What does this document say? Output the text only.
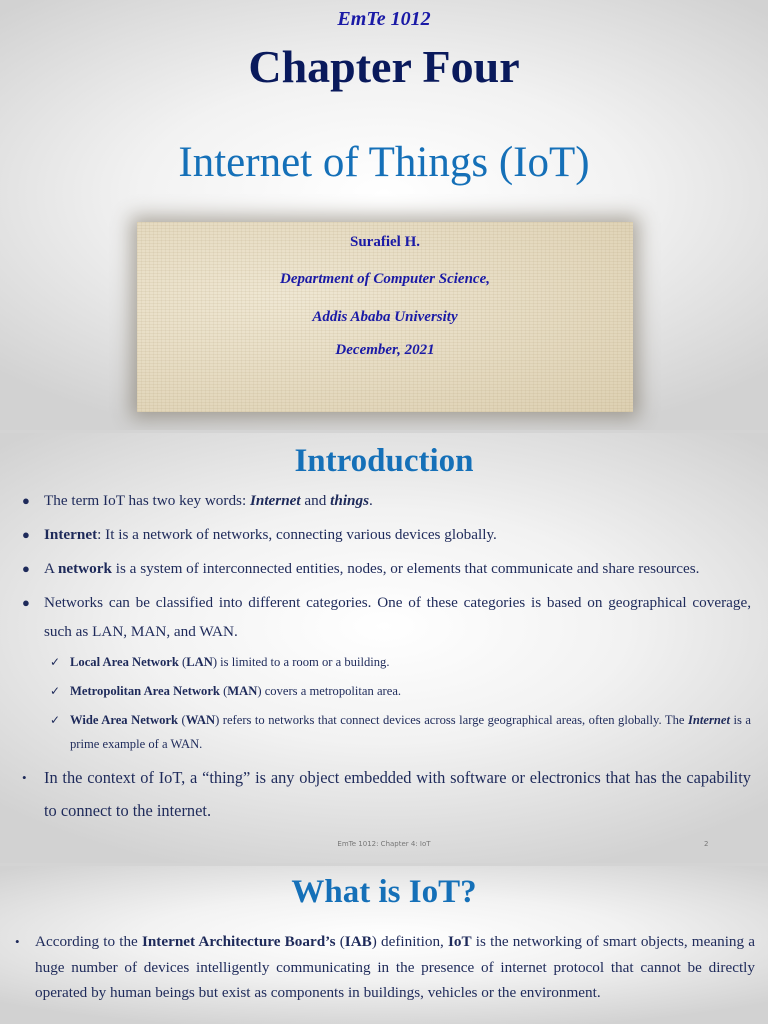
EmTe 1012
Chapter Four
Internet of Things (IoT)
Surafiel H.
Department of Computer Science,
Addis Ababa University
December, 2021
Introduction
● The term IoT has two key words: Internet and things.
● Internet: It is a network of networks, connecting various devices globally.
● A network is a system of interconnected entities, nodes, or elements that communicate and share resources.
● Networks can be classified into different categories. One of these categories is based on geographical coverage, such as LAN, MAN, and WAN.
✓ Local Area Network (LAN) is limited to a room or a building.
✓ Metropolitan Area Network (MAN) covers a metropolitan area.
✓ Wide Area Network (WAN) refers to networks that connect devices across large geographical areas, often globally. The Internet is a prime example of a WAN.
• In the context of IoT, a “thing” is any object embedded with software or electronics that has the capability to connect to the internet.
EmTe 1012: Chapter 4: IoT	2
What is IoT?
• According to the Internet Architecture Board’s (IAB) definition, IoT is the networking of smart objects, meaning a huge number of devices intelligently communicating in the presence of internet protocol that cannot be directly operated by human beings but exist as components in buildings, vehicles or the environment.
